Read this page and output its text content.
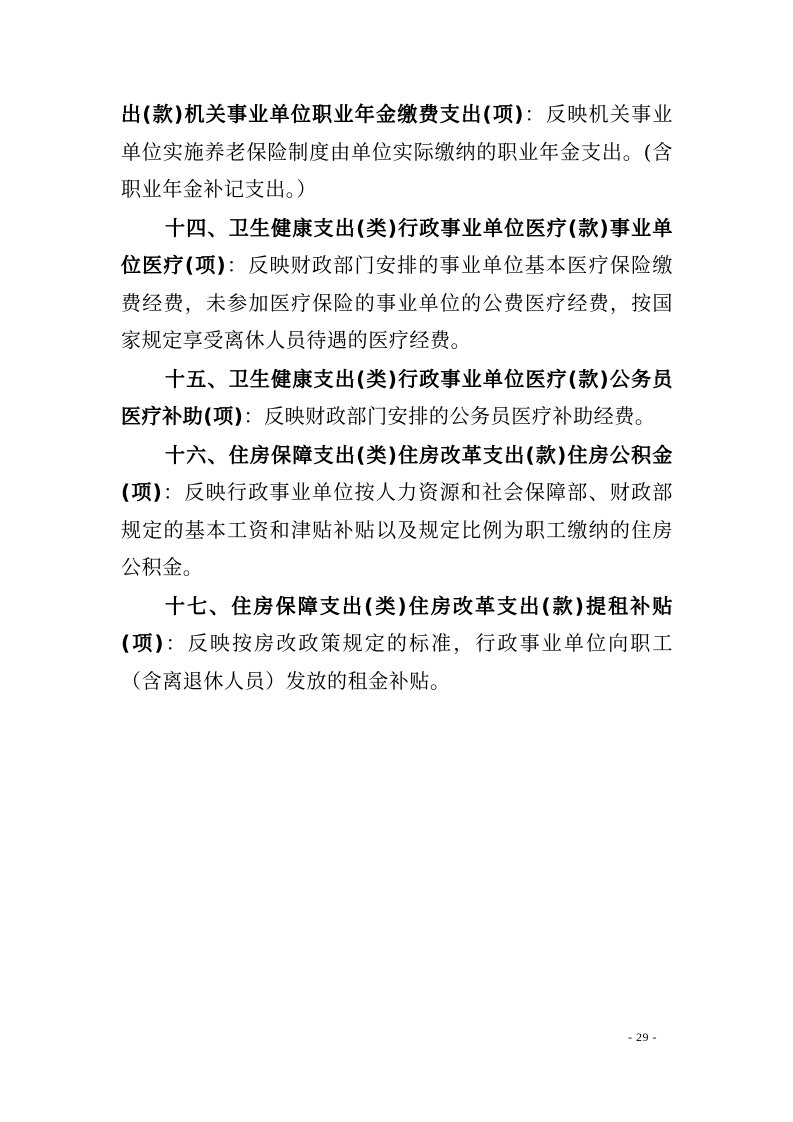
出(款)机关事业单位职业年金缴费支出(项)：反映机关事业单位实施养老保险制度由单位实际缴纳的职业年金支出。(含职业年金补记支出。）

十四、卫生健康支出(类)行政事业单位医疗(款)事业单位医疗(项)：反映财政部门安排的事业单位基本医疗保险缴费经费，未参加医疗保险的事业单位的公费医疗经费，按国家规定享受离休人员待遇的医疗经费。

十五、卫生健康支出(类)行政事业单位医疗(款)公务员医疗补助(项)：反映财政部门安排的公务员医疗补助经费。

十六、住房保障支出(类)住房改革支出(款)住房公积金(项)：反映行政事业单位按人力资源和社会保障部、财政部规定的基本工资和津贴补贴以及规定比例为职工缴纳的住房公积金。

十七、住房保障支出(类)住房改革支出(款)提租补贴(项)：反映按房改政策规定的标准，行政事业单位向职工（含离退休人员）发放的租金补贴。

- 29 -
